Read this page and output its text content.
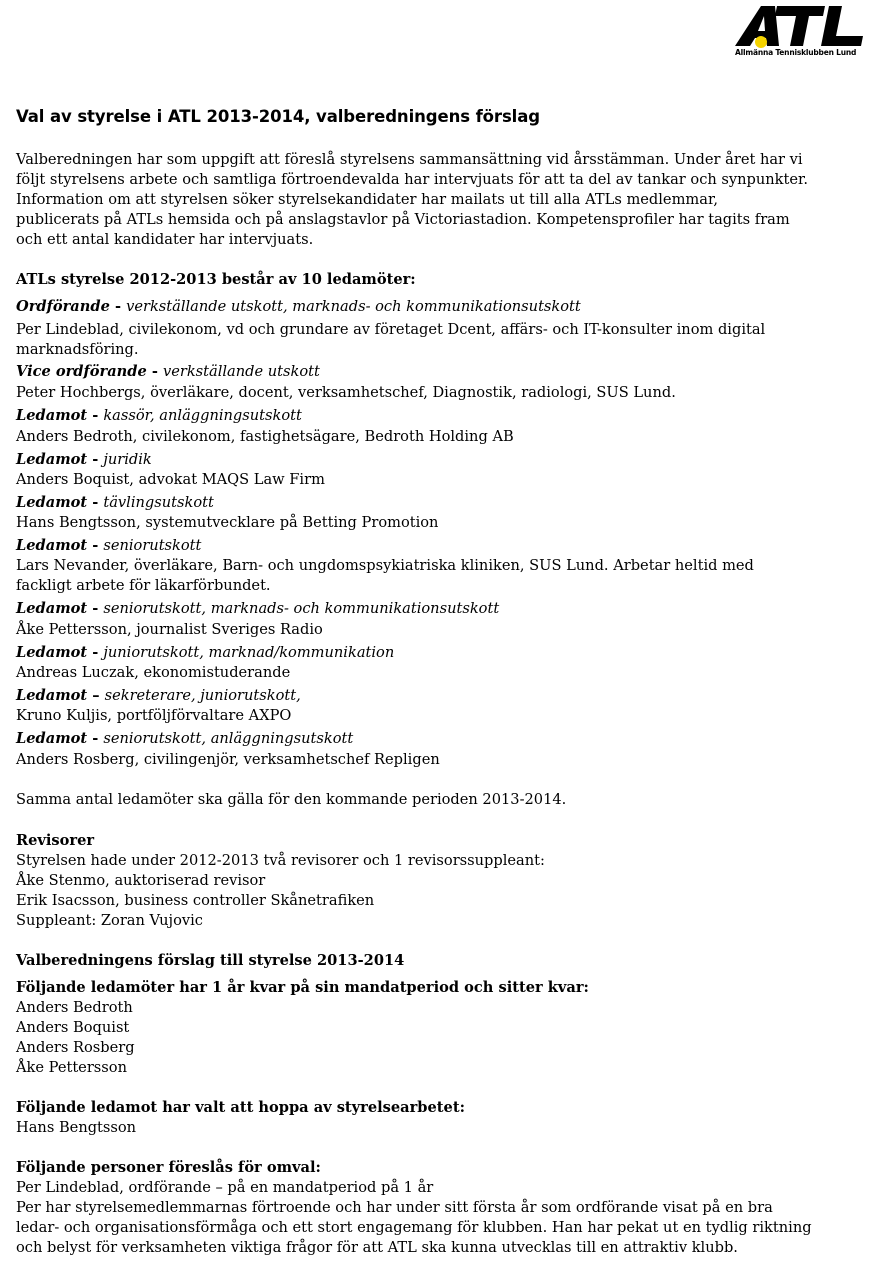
Allmänna Tennisklubben Lund
Val av styrelse i ATL 2013-2014, valberedningens förslag
Valberedningen har som uppgift att föreslå styrelsens sammansättning vid årsstämman. Under året har vi
följt styrelsens arbete och samtliga förtroendevalda har intervjuats för att ta del av tankar och synpunkter.
Information om att styrelsen söker styrelsekandidater har mailats ut till alla ATLs medlemmar,
publicerats på ATLs hemsida och på anslagstavlor på Victoriastadion. Kompetensprofiler har tagits fram
och ett antal kandidater har intervjuats.
ATLs styrelse 2012-2013 består av 10 ledamöter:
Ordförande - verkställande utskott, marknads- och kommunikationsutskott
Per Lindeblad, civilekonom, vd och grundare av företaget Dcent, affärs- och IT-konsulter inom digital
marknadsföring.
Vice ordförande - verkställande utskott
Peter Hochbergs, överläkare, docent, verksamhetschef, Diagnostik, radiologi, SUS Lund.
Ledamot - kassör, anläggningsutskott
Anders Bedroth, civilekonom, fastighetsägare, Bedroth Holding AB
Ledamot - juridik
Anders Boquist, advokat MAQS Law Firm
Ledamot - tävlingsutskott
Hans Bengtsson, systemutvecklare på Betting Promotion
Ledamot - seniorutskott
Lars Nevander, överläkare, Barn- och ungdomspsykiatriska kliniken, SUS Lund. Arbetar heltid med
fackligt arbete för läkarförbundet.
Ledamot - seniorutskott, marknads- och kommunikationsutskott
Åke Pettersson, journalist Sveriges Radio
Ledamot - juniorutskott, marknad/kommunikation
Andreas Luczak, ekonomistuderande
Ledamot – sekreterare, juniorutskott,
Kruno Kuljis, portföljförvaltare AXPO
Ledamot - seniorutskott, anläggningsutskott
Anders Rosberg, civilingenjör, verksamhetschef Repligen
Samma antal ledamöter ska gälla för den kommande perioden 2013-2014.
Revisorer
Styrelsen hade under 2012-2013 två revisorer och 1 revisorssuppleant:
Åke Stenmo, auktoriserad revisor
Erik Isacsson, business controller Skånetrafiken
Suppleant: Zoran Vujovic
Valberedningens förslag till styrelse 2013-2014
Följande ledamöter har 1 år kvar på sin mandatperiod och sitter kvar:
Anders Bedroth
Anders Boquist
Anders Rosberg
Åke Pettersson
Följande ledamot har valt att hoppa av styrelsearbetet:
Hans Bengtsson
Följande personer föreslås för omval:
Per Lindeblad, ordförande – på en mandatperiod på 1 år
Per har styrelsemedlemmarnas förtroende och har under sitt första år som ordförande visat på en bra
ledar- och organisationsförmåga och ett stort engagemang för klubben. Han har pekat ut en tydlig riktning
och belyst för verksamheten viktiga frågor för att ATL ska kunna utvecklas till en attraktiv klubb.
